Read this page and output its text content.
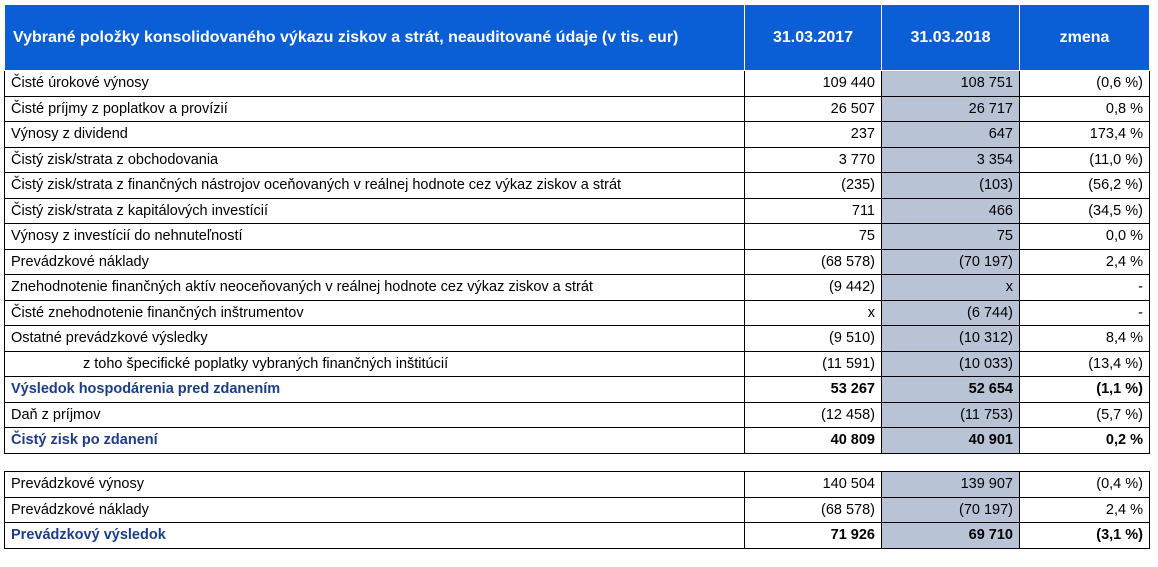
Vybrané položky konsolidovaného výkazu ziskov a strát, neauditované údaje (v tis. eur)	31.03.2017	31.03.2018	zmena
Čisté úrokové výnosy	109 440	108 751	(0,6 %)
Čisté príjmy z poplatkov a provízií	26 507	26 717	0,8 %
Výnosy z dividend	237	647	173,4 %
Čistý zisk/strata z obchodovania	3 770	3 354	(11,0 %)
Čistý zisk/strata z finančných nástrojov oceňovaných v reálnej hodnote cez výkaz ziskov a strát	(235)	(103)	(56,2 %)
Čistý zisk/strata z kapitálových investícií	711	466	(34,5 %)
Výnosy z investícií do nehnuteľností	75	75	0,0 %
Prevádzkové náklady	(68 578)	(70 197)	2,4 %
Znehodnotenie finančných aktív neoceňovaných v reálnej hodnote cez výkaz ziskov a strát	(9 442)	x	-
Čisté znehodnotenie finančných inštrumentov	x	(6 744)	-
Ostatné prevádzkové výsledky	(9 510)	(10 312)	8,4 %
z toho špecifické poplatky vybraných finančných inštitúcií	(11 591)	(10 033)	(13,4 %)
Výsledok hospodárenia pred zdanením	53 267	52 654	(1,1 %)
Daň z príjmov	(12 458)	(11 753)	(5,7 %)
Čistý zisk po zdanení	40 809	40 901	0,2 %
Prevádzkové výnosy	140 504	139 907	(0,4 %)
Prevádzkové náklady	(68 578)	(70 197)	2,4 %
Prevádzkový výsledok	71 926	69 710	(3,1 %)
